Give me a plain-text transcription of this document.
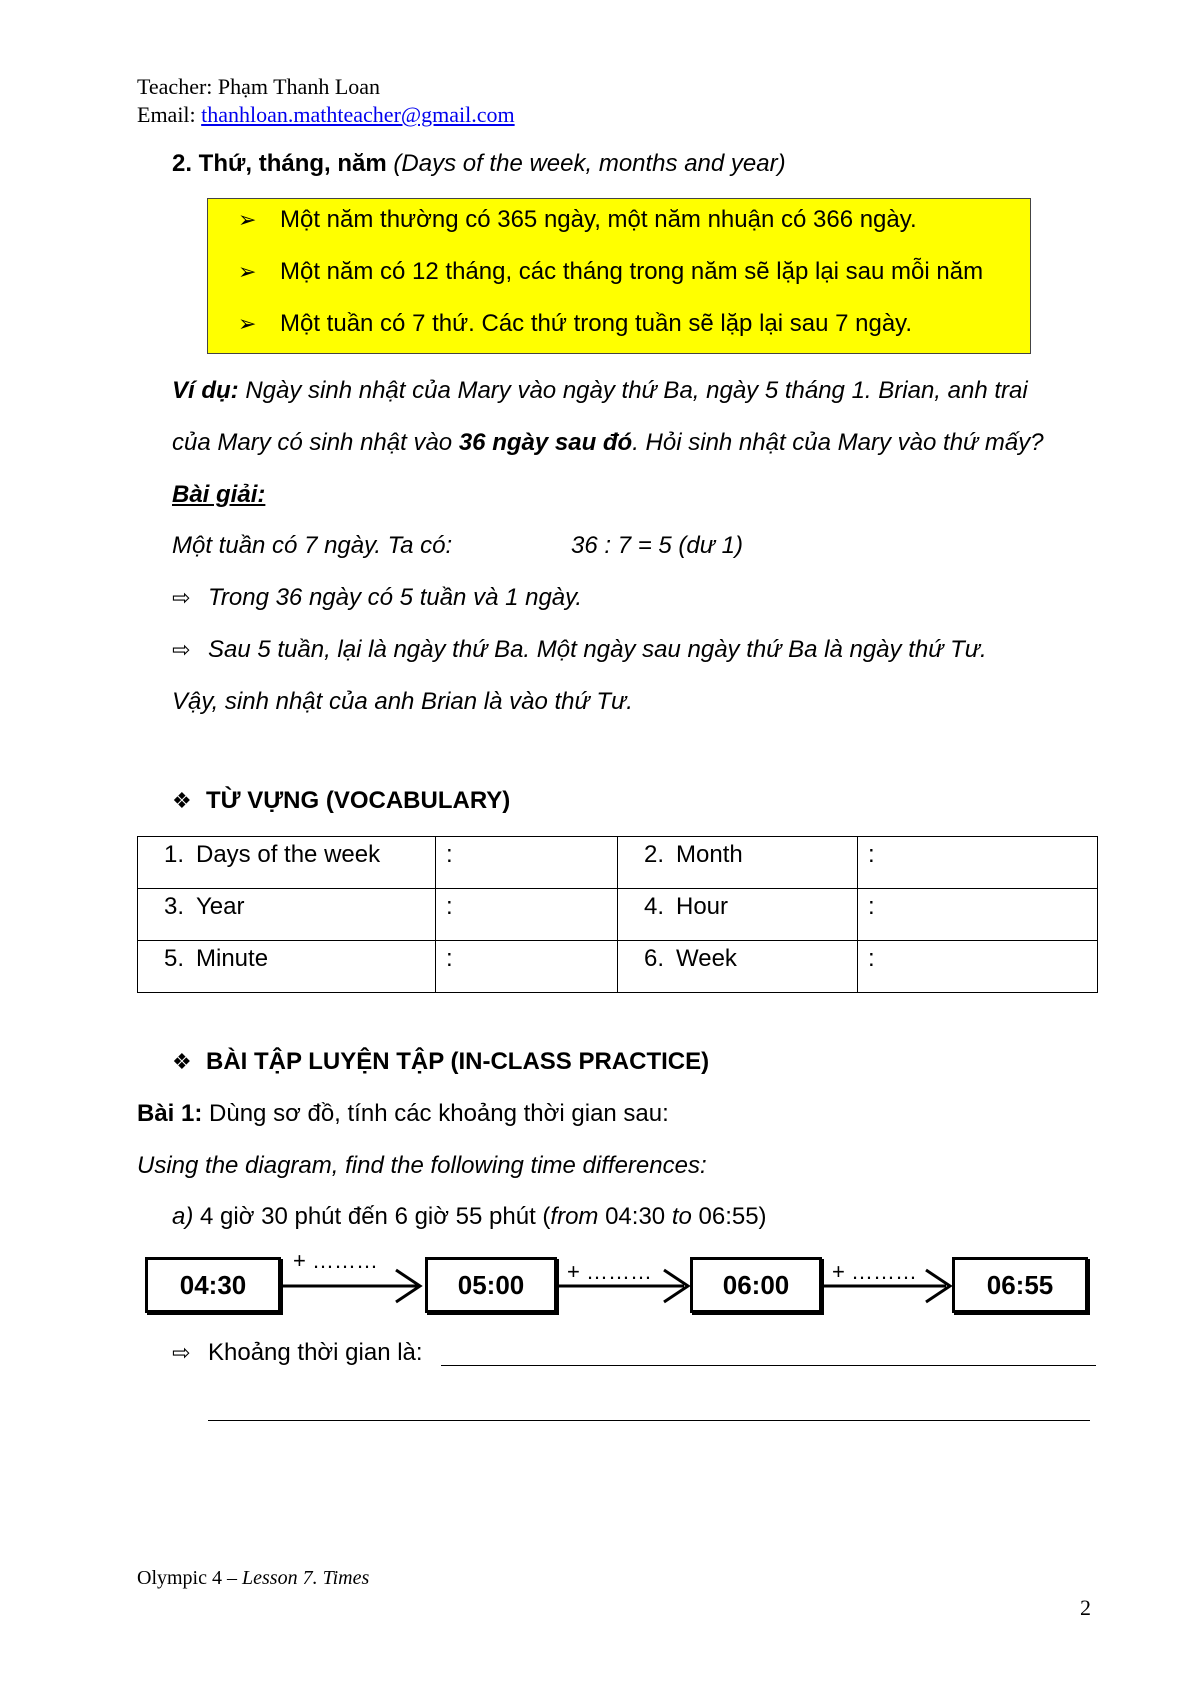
Teacher: Phạm Thanh Loan
Email: thanhloan.mathteacher@gmail.com
2. Thứ, tháng, năm (Days of the week, months and year)
➢ Một năm thường có 365 ngày, một năm nhuận có 366 ngày.
➢ Một năm có 12 tháng, các tháng trong năm sẽ lặp lại sau mỗi năm
➢ Một tuần có 7 thứ. Các thứ trong tuần sẽ lặp lại sau 7 ngày.
Ví dụ: Ngày sinh nhật của Mary vào ngày thứ Ba, ngày 5 tháng 1. Brian, anh trai
của Mary có sinh nhật vào 36 ngày sau đó. Hỏi sinh nhật của Mary vào thứ mấy?
Bài giải:
Một tuần có 7 ngày. Ta có:	36 : 7 = 5 (dư 1)
⇨ Trong 36 ngày có 5 tuần và 1 ngày.
⇨ Sau 5 tuần, lại là ngày thứ Ba. Một ngày sau ngày thứ Ba là ngày thứ Tư.
Vậy, sinh nhật của anh Brian là vào thứ Tư.
❖ TỪ VỰNG (VOCABULARY)
1. Days of the week	:	2. Month	:

3. Year	:	4. Hour	:

5. Minute	:	6. Week	:
❖ BÀI TẬP LUYỆN TẬP (IN-CLASS PRACTICE)
Bài 1: Dùng sơ đồ, tính các khoảng thời gian sau:
Using the diagram, find the following time differences:
a) 4 giờ 30 phút đến 6 giờ 55 phút (from 04:30 to 06:55)
04:30	05:00	06:00	06:55
+ ………	+ ………	+ ………
⇨ Khoảng thời gian là:
Olympic 4 – Lesson 7. Times
2
